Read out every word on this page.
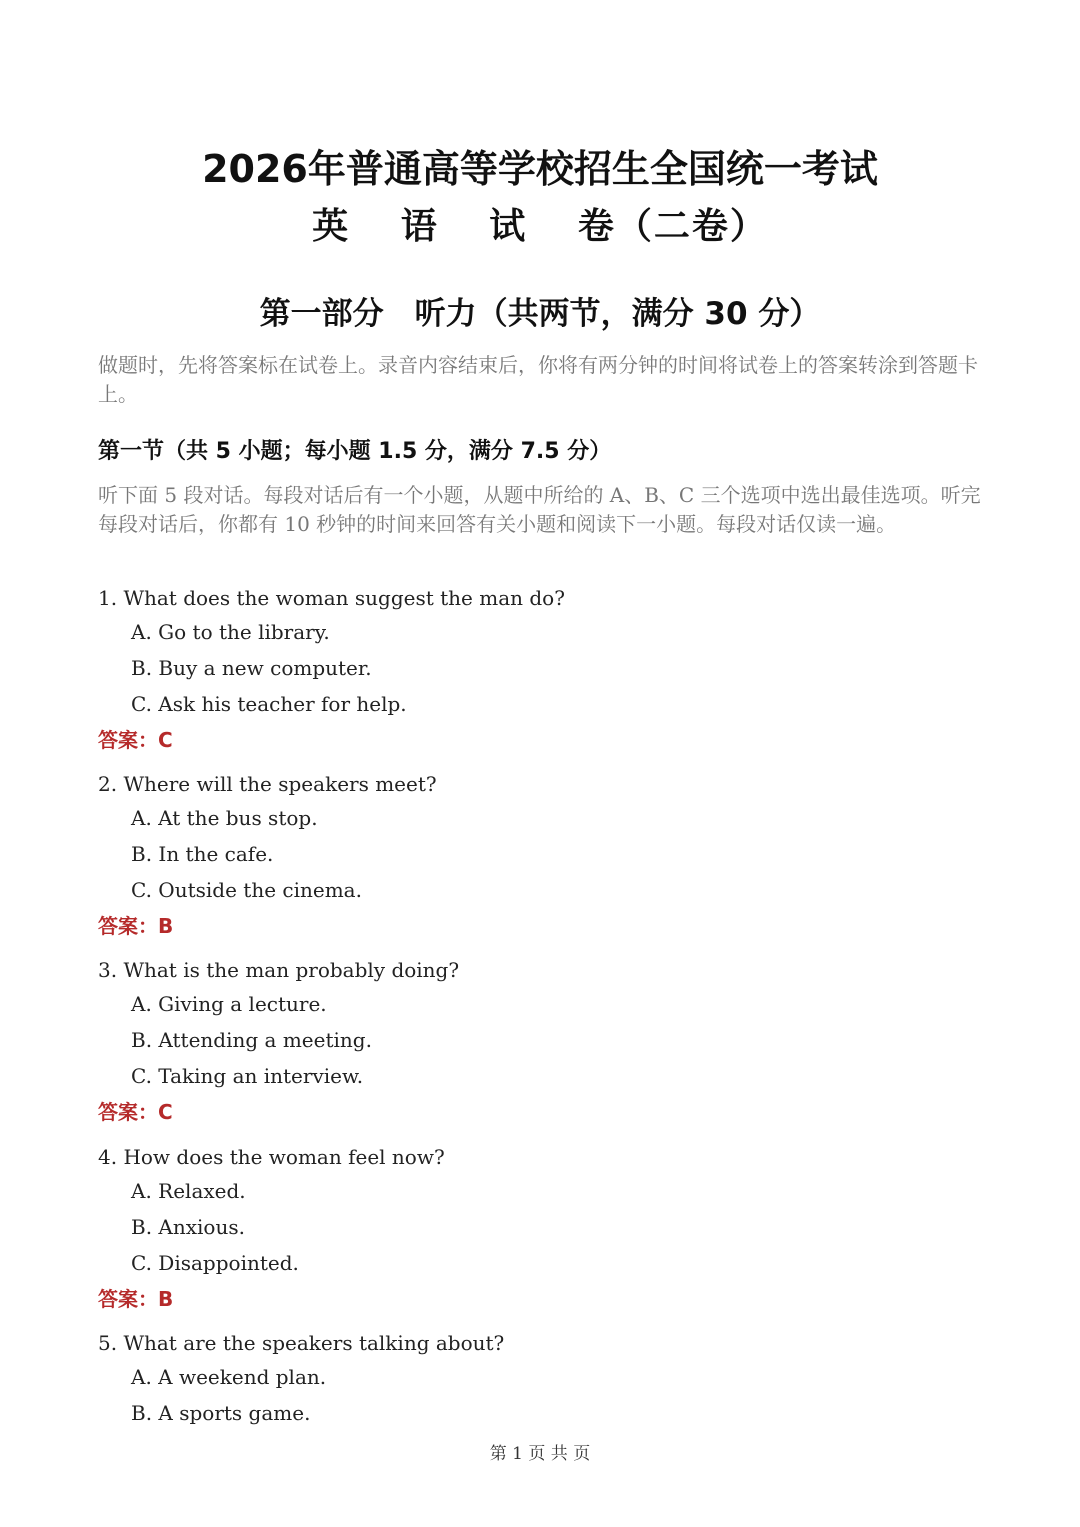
2026年普通高等学校招生全国统一考试
英 语 试 卷（二卷）
第一部分　听力（共两节，满分 30 分）
做题时，先将答案标在试卷上。录音内容结束后，你将有两分钟的时间将试卷上的答案转涂到答题卡上。
第一节（共 5 小题；每小题 1.5 分，满分 7.5 分）
听下面 5 段对话。每段对话后有一个小题，从题中所给的 A、B、C 三个选项中选出最佳选项。听完每段对话后，你都有 10 秒钟的时间来回答有关小题和阅读下一小题。每段对话仅读一遍。
1. What does the woman suggest the man do?
A. Go to the library.
B. Buy a new computer.
C. Ask his teacher for help.
答案：C
2. Where will the speakers meet?
A. At the bus stop.
B. In the cafe.
C. Outside the cinema.
答案：B
3. What is the man probably doing?
A. Giving a lecture.
B. Attending a meeting.
C. Taking an interview.
答案：C
4. How does the woman feel now?
A. Relaxed.
B. Anxious.
C. Disappointed.
答案：B
5. What are the speakers talking about?
A. A weekend plan.
B. A sports game.
第 1 页 共 页
